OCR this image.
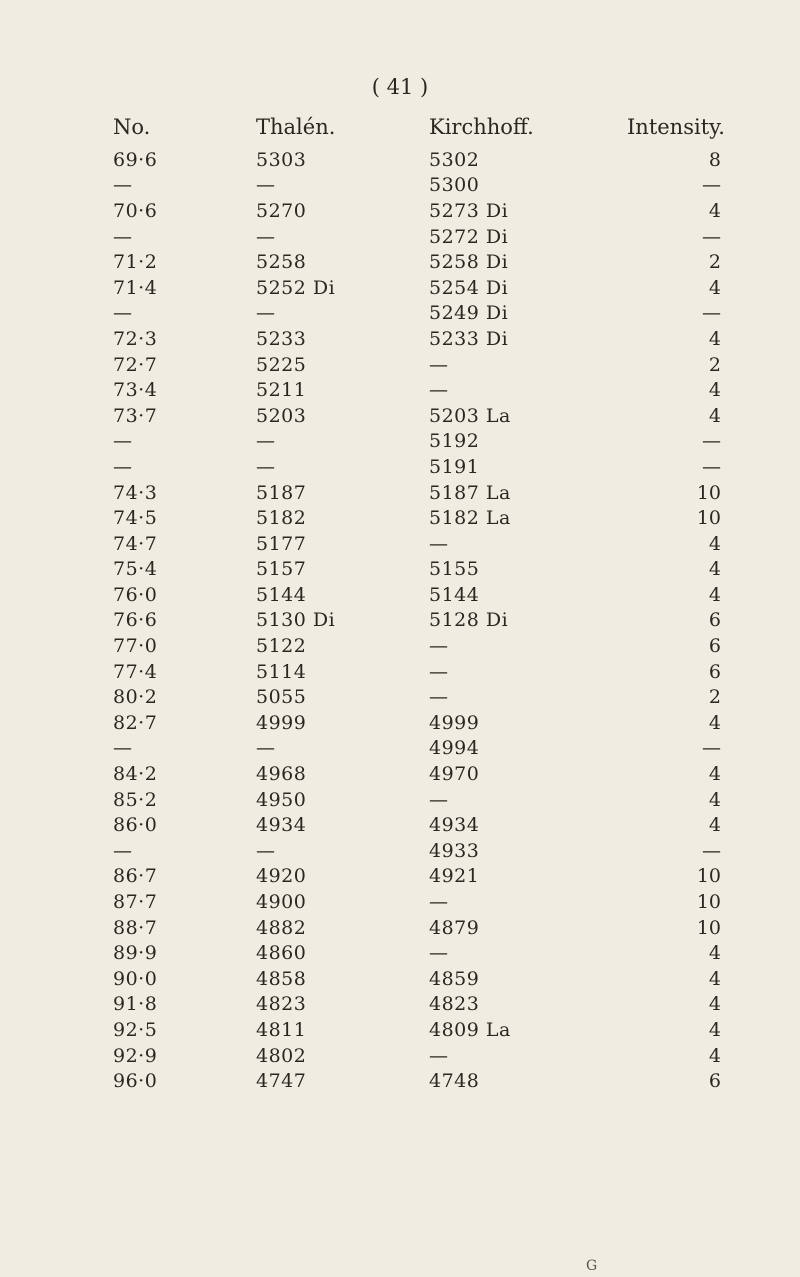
( 41 )
No.	Thalén.	Kirchhoff.	Intensity.
69·6	5303	5302	8
—	—	5300	—
70·6	5270	5273 Di	4
—	—	5272 Di	—
71·2	5258	5258 Di	2
71·4	5252 Di	5254 Di	4
—	—	5249 Di	—
72·3	5233	5233 Di	4
72·7	5225	—	2
73·4	5211	—	4
73·7	5203	5203 La	4
—	—	5192	—
—	—	5191	—
74·3	5187	5187 La	10
74·5	5182	5182 La	10
74·7	5177	—	4
75·4	5157	5155	4
76·0	5144	5144	4
76·6	5130 Di	5128 Di	6
77·0	5122	—	6
77·4	5114	—	6
80·2	5055	—	2
82·7	4999	4999	4
—	—	4994	—
84·2	4968	4970	4
85·2	4950	—	4
86·0	4934	4934	4
—	—	4933	—
86·7	4920	4921	10
87·7	4900	—	10
88·7	4882	4879	10
89·9	4860	—	4
90·0	4858	4859	4
91·8	4823	4823	4
92·5	4811	4809 La	4
92·9	4802	—	4
96·0	4747	4748	6
G
